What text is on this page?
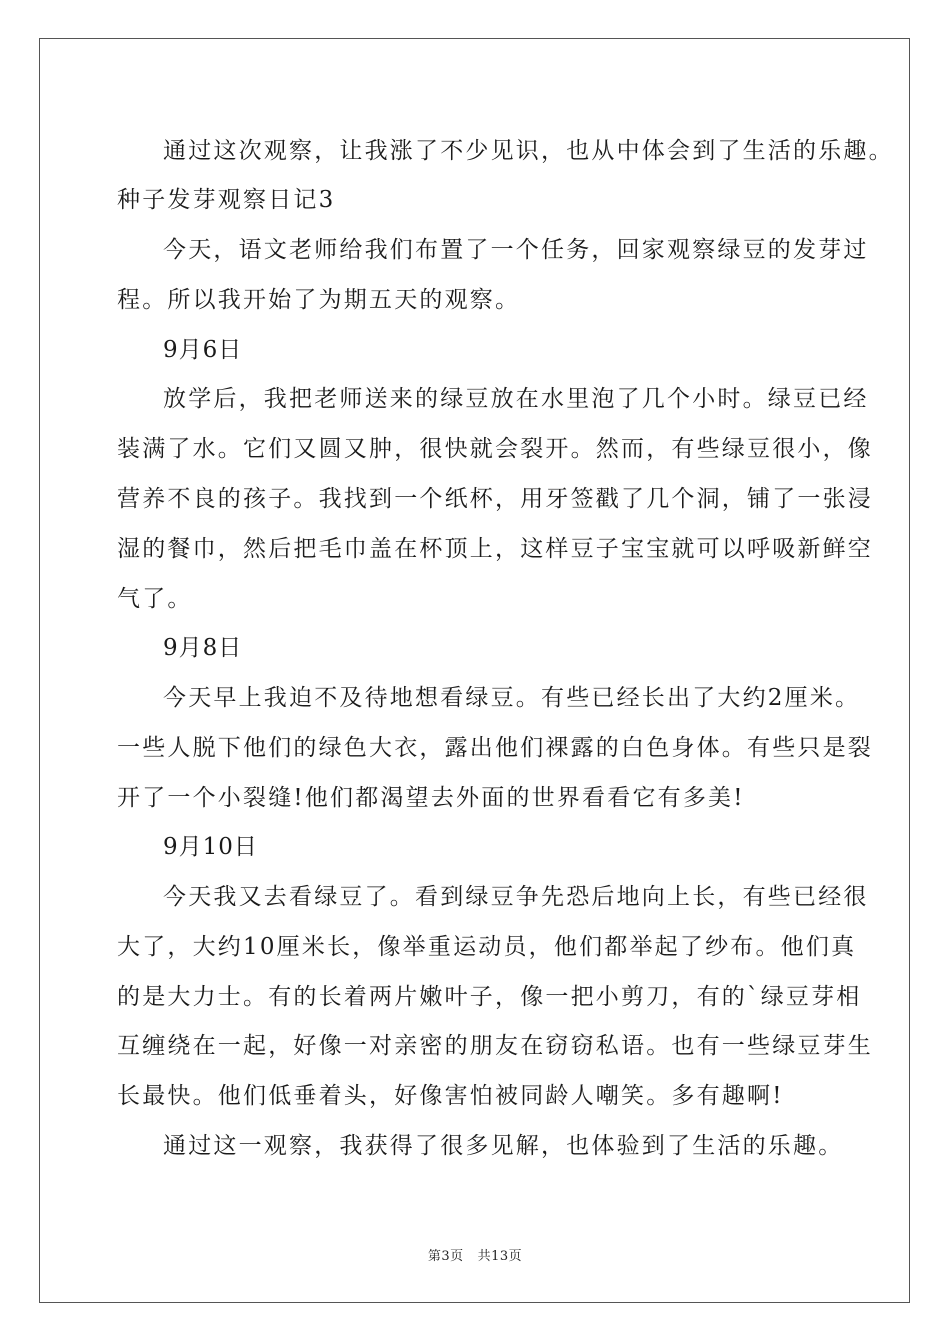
通过这次观察，让我涨了不少见识，也从中体会到了生活的乐趣。
种子发芽观察日记3
今天，语文老师给我们布置了一个任务，回家观察绿豆的发芽过
程。所以我开始了为期五天的观察。
9月6日
放学后，我把老师送来的绿豆放在水里泡了几个小时。绿豆已经
装满了水。它们又圆又肿，很快就会裂开。然而，有些绿豆很小，像
营养不良的孩子。我找到一个纸杯，用牙签戳了几个洞，铺了一张浸
湿的餐巾，然后把毛巾盖在杯顶上，这样豆子宝宝就可以呼吸新鲜空
气了。
9月8日
今天早上我迫不及待地想看绿豆。有些已经长出了大约2厘米。
一些人脱下他们的绿色大衣，露出他们裸露的白色身体。有些只是裂
开了一个小裂缝!他们都渴望去外面的世界看看它有多美!
9月10日
今天我又去看绿豆了。看到绿豆争先恐后地向上长，有些已经很
大了，大约10厘米长，像举重运动员，他们都举起了纱布。他们真
的是大力士。有的长着两片嫩叶子，像一把小剪刀，有的`绿豆芽相
互缠绕在一起，好像一对亲密的朋友在窃窃私语。也有一些绿豆芽生
长最快。他们低垂着头，好像害怕被同龄人嘲笑。多有趣啊!
通过这一观察，我获得了很多见解，也体验到了生活的乐趣。
第3页 共13页
